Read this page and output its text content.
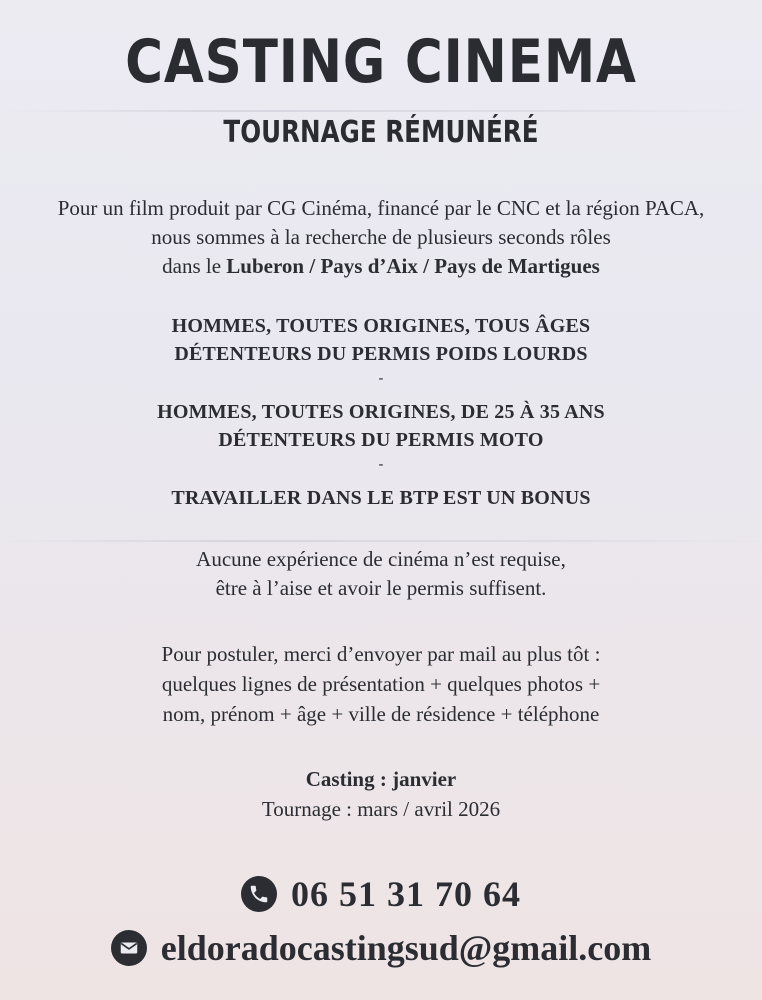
CASTING CINEMA
TOURNAGE RÉMUNÉRÉ
Pour un film produit par CG Cinéma, financé par le CNC et la région PACA,
nous sommes à la recherche de plusieurs seconds rôles
dans le Luberon / Pays d’Aix / Pays de Martigues
HOMMES, TOUTES ORIGINES, TOUS ÂGES
DÉTENTEURS DU PERMIS POIDS LOURDS
-
HOMMES, TOUTES ORIGINES, DE 25 À 35 ANS
DÉTENTEURS DU PERMIS MOTO
-
TRAVAILLER DANS LE BTP EST UN BONUS
Aucune expérience de cinéma n’est requise,
être à l’aise et avoir le permis suffisent.
Pour postuler, merci d’envoyer par mail au plus tôt :
quelques lignes de présentation + quelques photos +
nom, prénom + âge + ville de résidence + téléphone
Casting : janvier
Tournage : mars / avril 2026
06 51 31 70 64
eldoradocastingsud@gmail.com
